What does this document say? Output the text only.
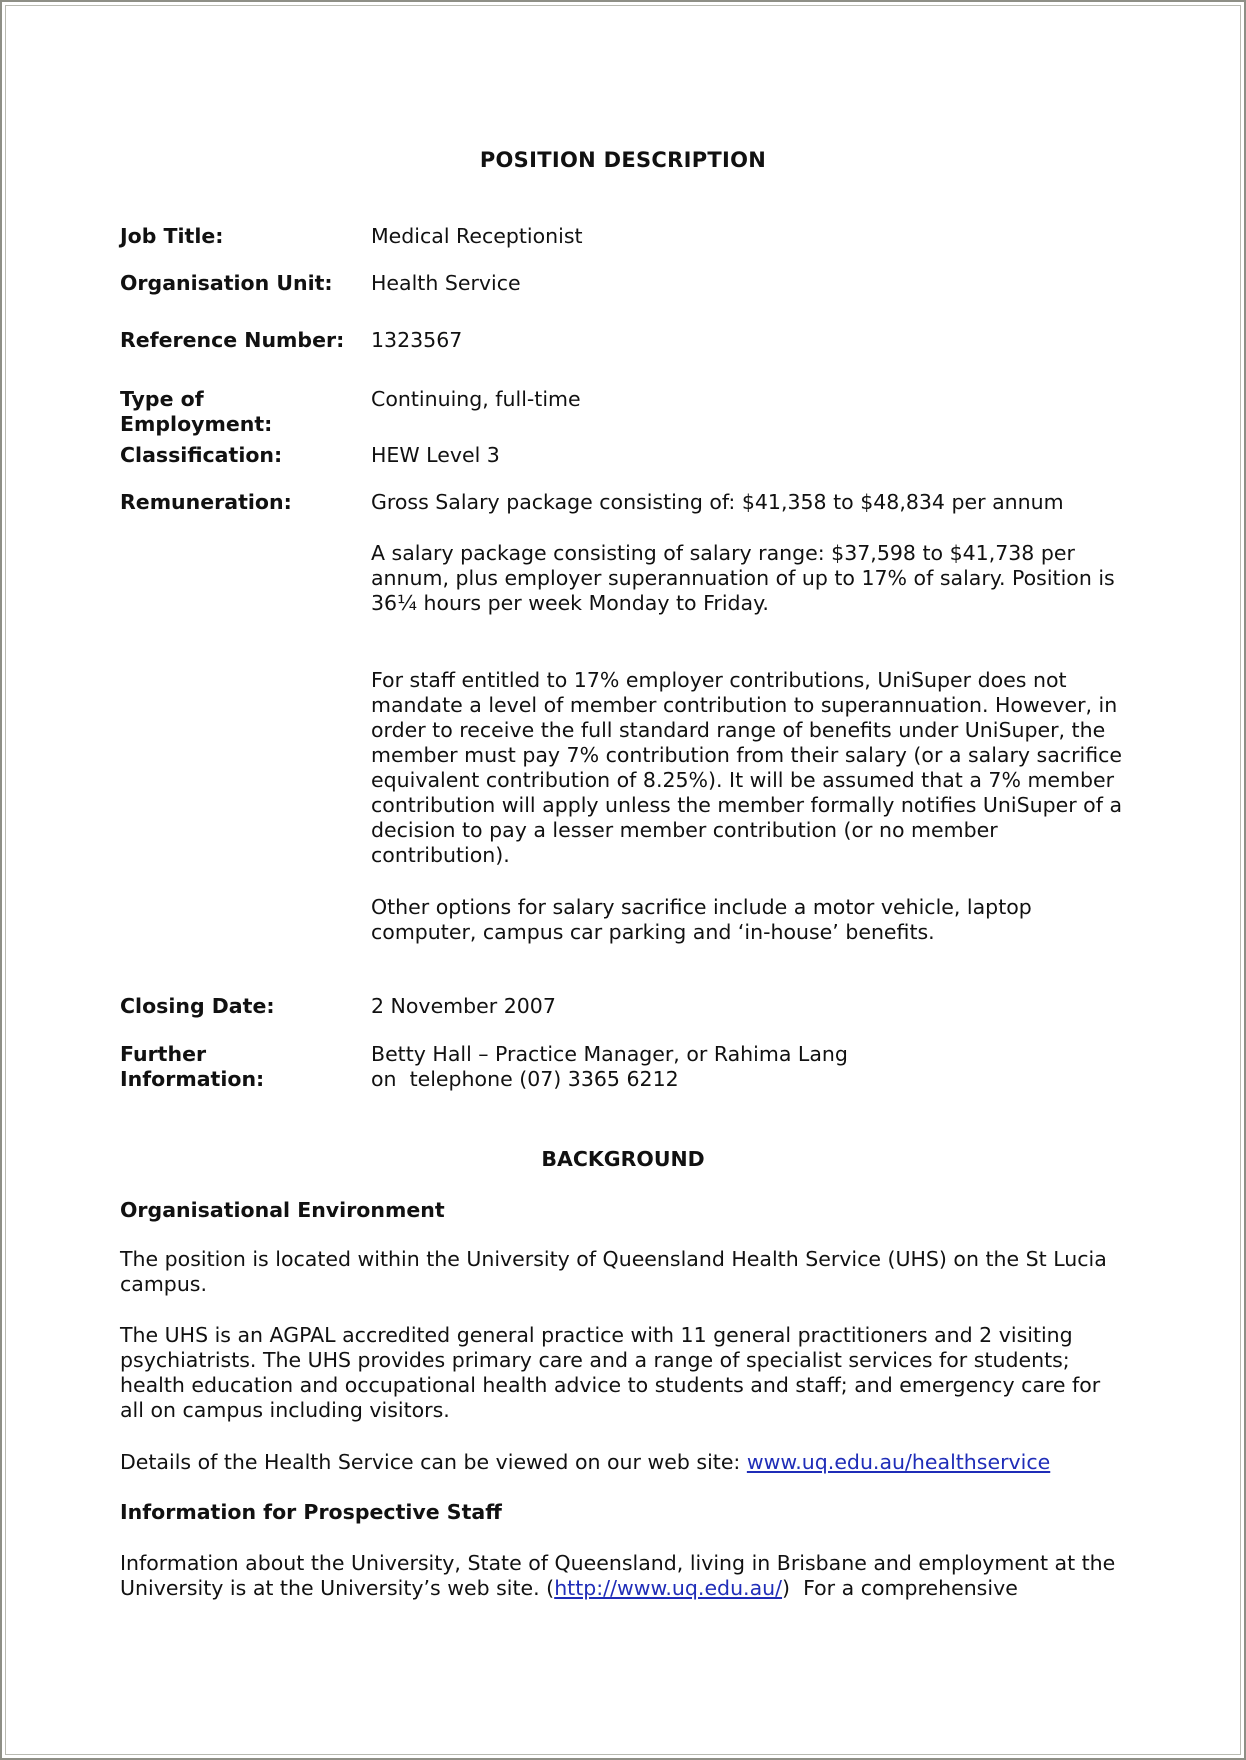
POSITION DESCRIPTION
Job Title:	Medical Receptionist
Organisation Unit:	Health Service
Reference Number:	1323567
Type of
Employment:
Continuing, full-time
Classification:	HEW Level 3
Remuneration:	Gross Salary package consisting of: $41,358 to $48,834 per annum
A salary package consisting of salary range: $37,598 to $41,738 per annum, plus employer superannuation of up to 17% of salary. Position is 36¼ hours per week Monday to Friday.
For staff entitled to 17% employer contributions, UniSuper does not mandate a level of member contribution to superannuation. However, in order to receive the full standard range of benefits under UniSuper, the member must pay 7% contribution from their salary (or a salary sacrifice equivalent contribution of 8.25%). It will be assumed that a 7% member contribution will apply unless the member formally notifies UniSuper of a decision to pay a lesser member contribution (or no member contribution).
Other options for salary sacrifice include a motor vehicle, laptop computer, campus car parking and ‘in-house’ benefits.
Closing Date:	2 November 2007
Further
Information:
Betty Hall – Practice Manager, or Rahima Lang
on  telephone (07) 3365 6212
BACKGROUND
Organisational Environment
The position is located within the University of Queensland Health Service (UHS) on the St Lucia campus.
The UHS is an AGPAL accredited general practice with 11 general practitioners and 2 visiting psychiatrists. The UHS provides primary care and a range of specialist services for students; health education and occupational health advice to students and staff; and emergency care for all on campus including visitors.
Details of the Health Service can be viewed on our web site: www.uq.edu.au/healthservice
Information for Prospective Staff
Information about the University, State of Queensland, living in Brisbane and employment at the University is at the University’s web site. (http://www.uq.edu.au/)  For a comprehensive
